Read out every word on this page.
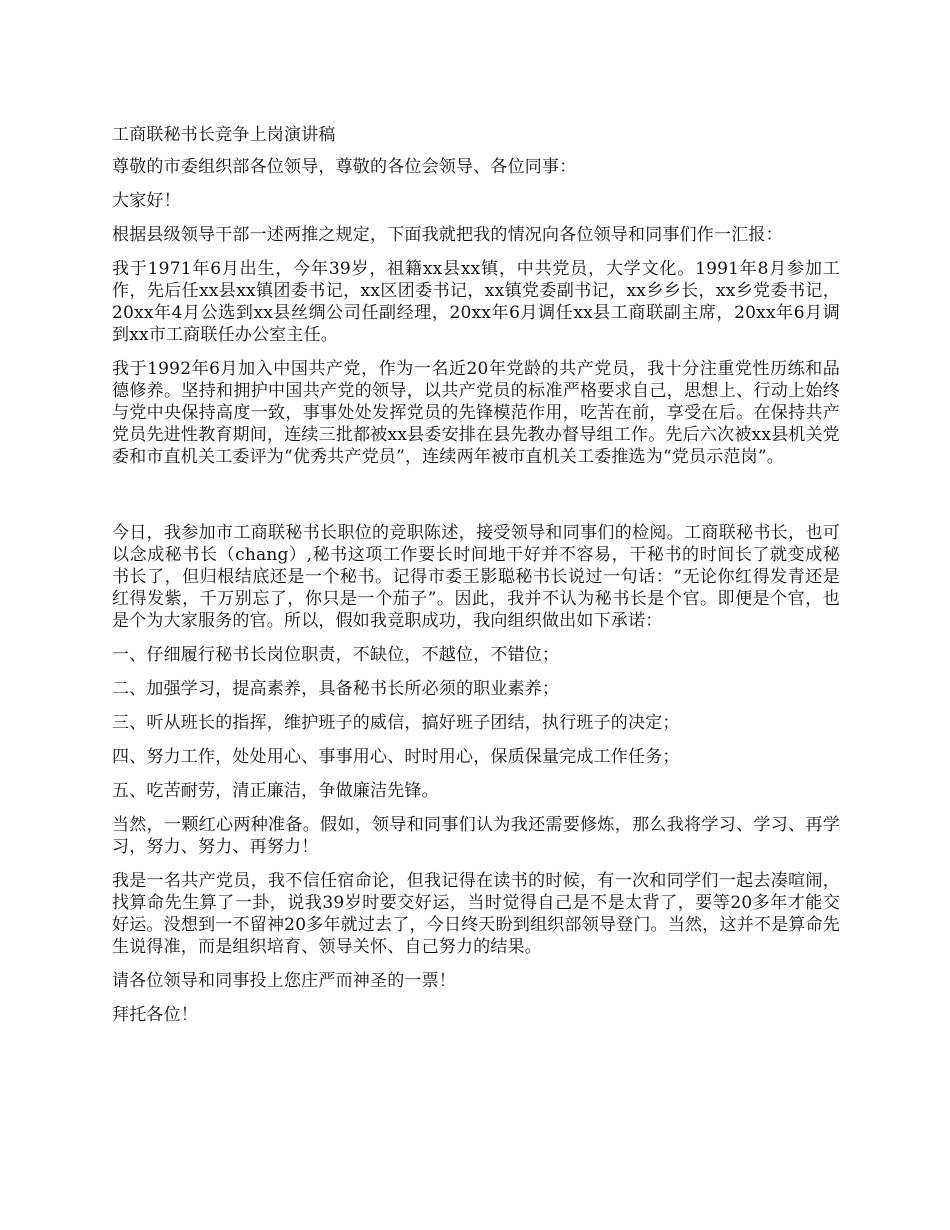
工商联秘书长竞争上岗演讲稿

尊敬的市委组织部各位领导，尊敬的各位会领导、各位同事：

大家好！

根据县级领导干部一述两推之规定，下面我就把我的情况向各位领导和同事们作一汇报：

我于1971年6月出生，今年39岁，祖籍xx县xx镇，中共党员，大学文化。1991年8月参加工作，先后任xx县xx镇团委书记，xx区团委书记，xx镇党委副书记，xx乡乡长，xx乡党委书记，20xx年4月公选到xx县丝绸公司任副经理，20xx年6月调任xx县工商联副主席，20xx年6月调到xx市工商联任办公室主任。

我于1992年6月加入中国共产党，作为一名近20年党龄的共产党员，我十分注重党性历练和品德修养。坚持和拥护中国共产党的领导，以共产党员的标准严格要求自己，思想上、行动上始终与党中央保持高度一致，事事处处发挥党员的先锋模范作用，吃苦在前，享受在后。在保持共产党员先进性教育期间，连续三批都被xx县委安排在县先教办督导组工作。先后六次被xx县机关党委和市直机关工委评为“优秀共产党员”，连续两年被市直机关工委推选为“党员示范岗”。

今日，我参加市工商联秘书长职位的竞职陈述，接受领导和同事们的检阅。工商联秘书长，也可以念成秘书长（chang）,秘书这项工作要长时间地干好并不容易，干秘书的时间长了就变成秘书长了，但归根结底还是一个秘书。记得市委王影聪秘书长说过一句话：“无论你红得发青还是红得发紫，千万别忘了，你只是一个茄子”。因此，我并不认为秘书长是个官。即便是个官，也是个为大家服务的官。所以，假如我竞职成功，我向组织做出如下承诺：

一、仔细履行秘书长岗位职责，不缺位，不越位，不错位；

二、加强学习，提高素养，具备秘书长所必须的职业素养；

三、听从班长的指挥，维护班子的威信，搞好班子团结，执行班子的决定；

四、努力工作，处处用心、事事用心、时时用心，保质保量完成工作任务；

五、吃苦耐劳，清正廉洁，争做廉洁先锋。

当然，一颗红心两种准备。假如，领导和同事们认为我还需要修炼，那么我将学习、学习、再学习，努力、努力、再努力！

我是一名共产党员，我不信任宿命论，但我记得在读书的时候，有一次和同学们一起去凑喧闹，找算命先生算了一卦，说我39岁时要交好运，当时觉得自己是不是太背了，要等20多年才能交好运。没想到一不留神20多年就过去了，今日终天盼到组织部领导登门。当然，这并不是算命先生说得准，而是组织培育、领导关怀、自己努力的结果。

请各位领导和同事投上您庄严而神圣的一票！

拜托各位！
